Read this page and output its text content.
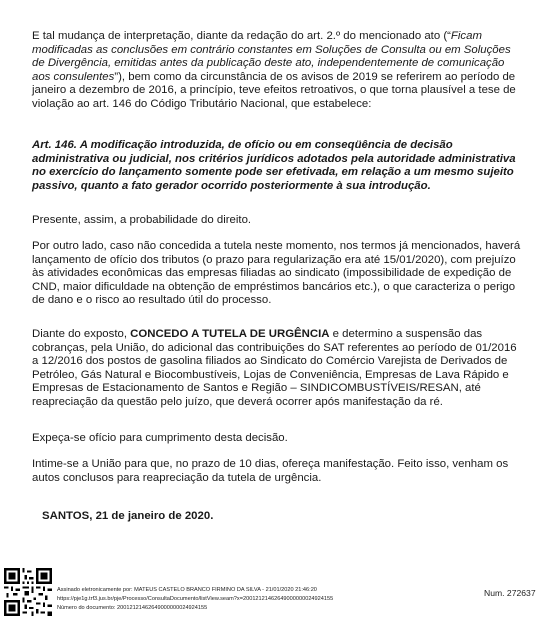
E tal mudança de interpretação, diante da redação do art. 2.º do mencionado ato (“Ficam modificadas as conclusões em contrário constantes em Soluções de Consulta ou em Soluções de Divergência, emitidas antes da publicação deste ato, independentemente de comunicação aos consulentes”), bem como da circunstância de os avisos de 2019 se referirem ao período de janeiro a dezembro de 2016, a princípio, teve efeitos retroativos, o que torna plausível a tese de violação ao art. 146 do Código Tributário Nacional, que estabelece:

Art. 146. A modificação introduzida, de ofício ou em conseqüência de decisão administrativa ou judicial, nos critérios jurídicos adotados pela autoridade administrativa no exercício do lançamento somente pode ser efetivada, em relação a um mesmo sujeito passivo, quanto a fato gerador ocorrido posteriormente à sua introdução.

Presente, assim, a probabilidade do direito.

Por outro lado, caso não concedida a tutela neste momento, nos termos já mencionados, haverá lançamento de ofício dos tributos (o prazo para regularização era até 15/01/2020), com prejuízo às atividades econômicas das empresas filiadas ao sindicato (impossibilidade de expedição de CND, maior dificuldade na obtenção de empréstimos bancários etc.), o que caracteriza o perigo de dano e o risco ao resultado útil do processo.

Diante do exposto, CONCEDO A TUTELA DE URGÊNCIA e determino a suspensão das cobranças, pela União, do adicional das contribuições do SAT referentes ao período de 01/2016 a 12/2016 dos postos de gasolina filiados ao Sindicato do Comércio Varejista de Derivados de Petróleo, Gás Natural e Biocombustíveis, Lojas de Conveniência, Empresas de Lava Rápido e Empresas de Estacionamento de Santos e Região – SINDICOMBUSTÍVEIS/RESAN, até reapreciação da questão pelo juízo, que deverá ocorrer após manifestação da ré.

Expeça-se ofício para cumprimento desta decisão.

Intime-se a União para que, no prazo de 10 dias, ofereça manifestação. Feito isso, venham os autos conclusos para reapreciação da tutela de urgência.

SANTOS, 21 de janeiro de 2020.
Assinado eletronicamente por: MATEUS CASTELO BRANCO FIRMINO DA SILVA - 21/01/2020 21:46:20
https://pje1g.trf3.jus.br/pje/Processo/ConsultaDocumento/listView.seam?x=20012121462649000000024924155
Número do documento: 20012121462649000000024924155
Num. 272637
